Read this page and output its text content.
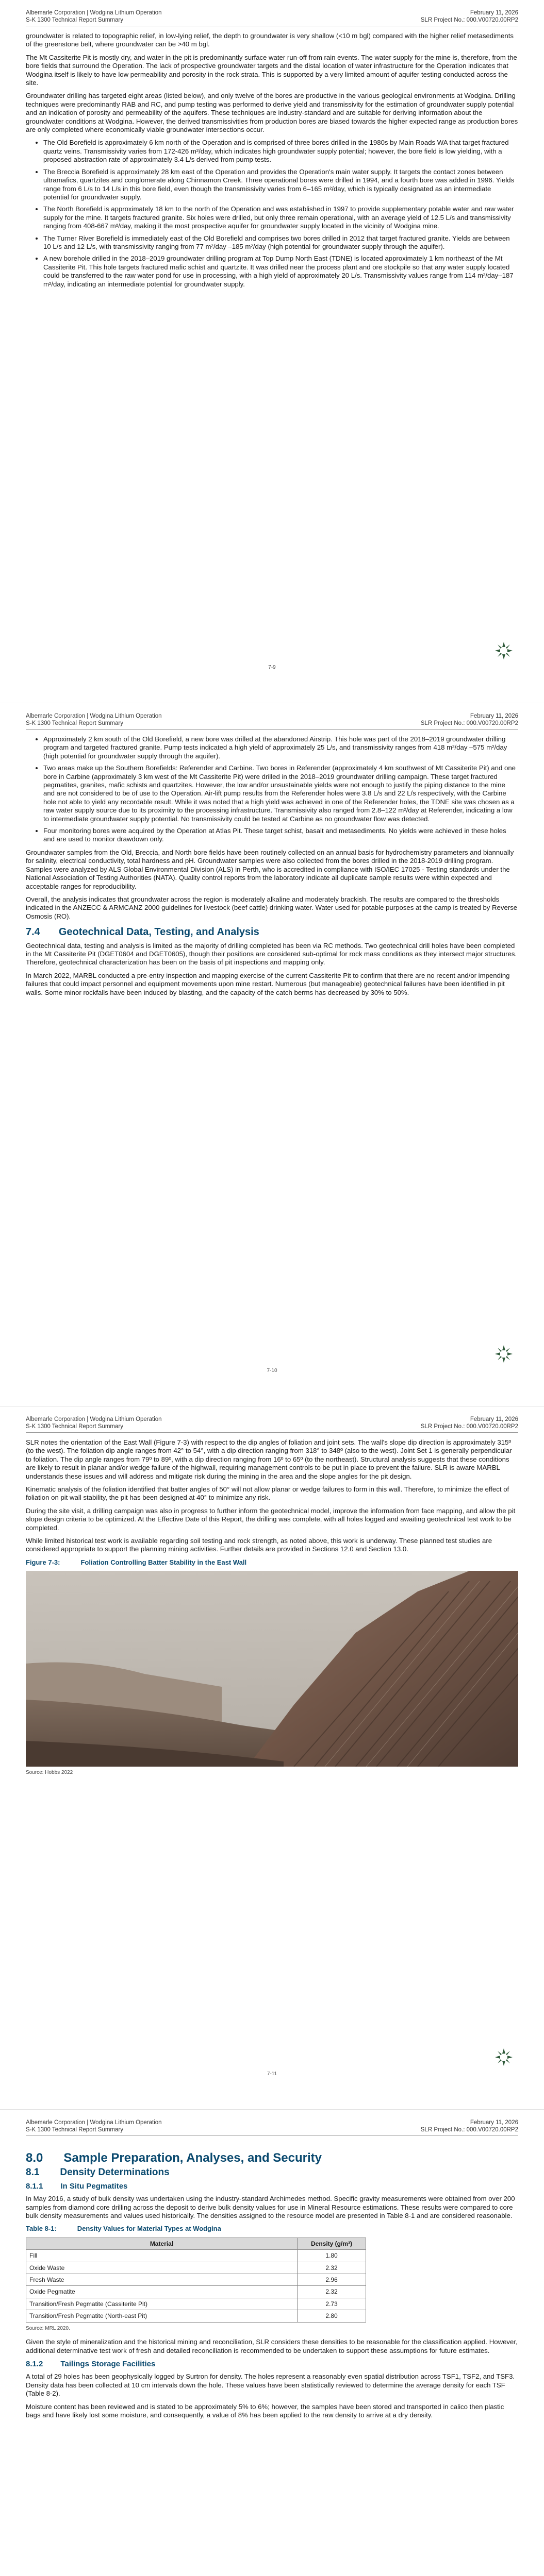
Albemarle Corporation | Wodgina Lithium Operation	February 11, 2026
S-K 1300 Technical Report Summary	SLR Project No.: 000.V00720.00RP2

groundwater is related to topographic relief, in low-lying relief, the depth to groundwater is very shallow (<10 m bgl) compared with the higher relief metasediments of the greenstone belt, where groundwater can be >40 m bgl.

The Mt Cassiterite Pit is mostly dry, and water in the pit is predominantly surface water run-off from rain events. The water supply for the mine is, therefore, from the bore fields that surround the Operation. The lack of prospective groundwater targets and the distal location of water infrastructure for the Operation indicates that Wodgina itself is likely to have low permeability and porosity in the rock strata. This is supported by a very limited amount of aquifer testing conducted across the site.

Groundwater drilling has targeted eight areas (listed below), and only twelve of the bores are productive in the various geological environments at Wodgina. Drilling techniques were predominantly RAB and RC, and pump testing was performed to derive yield and transmissivity for the estimation of groundwater supply potential and an indication of porosity and permeability of the aquifers. These techniques are industry-standard and are suitable for deriving information about the groundwater conditions at Wodgina. However, the derived transmissivities from production bores are biased towards the higher expected range as production bores are only completed where economically viable groundwater intersections occur.

• The Old Borefield is approximately 6 km north of the Operation and is comprised of three bores drilled in the 1980s by Main Roads WA that target fractured quartz veins. Transmissivity varies from 172-426 m²/day, which indicates high groundwater supply potential; however, the bore field is low yielding, with a proposed abstraction rate of approximately 3.4 L/s derived from pump tests.
• The Breccia Borefield is approximately 28 km east of the Operation and provides the Operation's main water supply. It targets the contact zones between ultramafics, quartzites and conglomerate along Chinnamon Creek. Three operational bores were drilled in 1994, and a fourth bore was added in 1996. Yields range from 6 L/s to 14 L/s in this bore field, even though the transmissivity varies from 6–165 m²/day, which is typically designated as an intermediate potential for groundwater supply.
• The North Borefield is approximately 18 km to the north of the Operation and was established in 1997 to provide supplementary potable water and raw water supply for the mine. It targets fractured granite. Six holes were drilled, but only three remain operational, with an average yield of 12.5 L/s and transmissivity ranging from 408-667 m²/day, making it the most prospective aquifer for groundwater supply located in the vicinity of Wodgina mine.
• The Turner River Borefield is immediately east of the Old Borefield and comprises two bores drilled in 2012 that target fractured granite. Yields are between 10 L/s and 12 L/s, with transmissivity ranging from 77 m²/day –185 m²/day (high potential for groundwater supply through the aquifer).
• A new borehole drilled in the 2018–2019 groundwater drilling program at Top Dump North East (TDNE) is located approximately 1 km northeast of the Mt Cassiterite Pit. This hole targets fractured mafic schist and quartzite. It was drilled near the process plant and ore stockpile so that any water supply located could be transferred to the raw water pond for use in processing, with a high yield of approximately 20 L/s. Transmissivity values range from 114 m²/day–187 m²/day, indicating an intermediate potential for groundwater supply.
7-9
Albemarle Corporation | Wodgina Lithium Operation	February 11, 2026
S-K 1300 Technical Report Summary	SLR Project No.: 000.V00720.00RP2
• Approximately 2 km south of the Old Borefield, a new bore was drilled at the abandoned Airstrip. This hole was part of the 2018–2019 groundwater drilling program and targeted fractured granite. Pump tests indicated a high yield of approximately 25 L/s, and transmissivity ranges from 418 m²/day –575 m²/day (high potential for groundwater supply through the aquifer).
• Two areas make up the Southern Borefields: Referender and Carbine. Two bores in Referender (approximately 4 km southwest of Mt Cassiterite Pit) and one bore in Carbine (approximately 3 km west of the Mt Cassiterite Pit) were drilled in the 2018–2019 groundwater drilling campaign. These target fractured pegmatites, granites, mafic schists and quartzites. However, the low and/or unsustainable yields were not enough to justify the piping distance to the mine and are not considered to be of use to the Operation. Air-lift pump results from the Referender holes were 3.8 L/s and 22 L/s respectively, with the Carbine hole not able to yield any recordable result. While it was noted that a high yield was achieved in one of the Referender holes, the TDNE site was chosen as a raw water supply source due to its proximity to the processing infrastructure. Transmissivity also ranged from 2.8–122 m²/day at Referender, indicating a low to intermediate groundwater supply potential. No transmissivity could be tested at Carbine as no groundwater flow was detected.
• Four monitoring bores were acquired by the Operation at Atlas Pit. These target schist, basalt and metasediments. No yields were achieved in these holes and are used to monitor drawdown only.

Groundwater samples from the Old, Breccia, and North bore fields have been routinely collected on an annual basis for hydrochemistry parameters and biannually for salinity, electrical conductivity, total hardness and pH. Groundwater samples were also collected from the bores drilled in the 2018-2019 drilling program. Samples were analyzed by ALS Global Environmental Division (ALS) in Perth, who is accredited in compliance with ISO/IEC 17025 - Testing standards under the National Association of Testing Authorities (NATA). Quality control reports from the laboratory indicate all duplicate sample results were within expected and acceptable ranges for reproducibility.

Overall, the analysis indicates that groundwater across the region is moderately alkaline and moderately brackish. The results are compared to the thresholds indicated in the ANZECC & ARMCANZ 2000 guidelines for livestock (beef cattle) drinking water. Water used for potable purposes at the camp is treated by Reverse Osmosis (RO).

7.4 Geotechnical Data, Testing, and Analysis

Geotechnical data, testing and analysis is limited as the majority of drilling completed has been via RC methods. Two geotechnical drill holes have been completed in the Mt Cassiterite Pit (DGET0604 and DGET0605), though their positions are considered sub-optimal for rock mass conditions as they intersect major structures. Therefore, geotechnical characterization has been on the basis of pit inspections and mapping only.

In March 2022, MARBL conducted a pre-entry inspection and mapping exercise of the current Cassiterite Pit to confirm that there are no recent and/or impending failures that could impact personnel and equipment movements upon mine restart. Numerous (but manageable) geotechnical failures have been identified in pit walls. Some minor rockfalls have been induced by blasting, and the capacity of the catch berms has decreased by 30% to 50%.

7-10
Albemarle Corporation | Wodgina Lithium Operation	February 11, 2026
S-K 1300 Technical Report Summary	SLR Project No.: 000.V00720.00RP2

SLR notes the orientation of the East Wall (Figure 7-3) with respect to the dip angles of foliation and joint sets. The wall's slope dip direction is approximately 315º (to the west). The foliation dip angle ranges from 42° to 54°, with a dip direction ranging from 318° to 348º (also to the west). Joint Set 1 is generally perpendicular to foliation. The dip angle ranges from 79º to 89º, with a dip direction ranging from 16º to 65º (to the northeast). Structural analysis suggests that these conditions are likely to result in planar and/or wedge failure of the highwall, requiring management controls to be put in place to prevent the failure. SLR is aware MARBL understands these issues and will address and mitigate risk during the mining in the area and the slope angles for the pit design.

Kinematic analysis of the foliation identified that batter angles of 50° will not allow planar or wedge failures to form in this wall. Therefore, to minimize the effect of foliation on pit wall stability, the pit has been designed at 40° to minimize any risk.

During the site visit, a drilling campaign was also in progress to further inform the geotechnical model, improve the information from face mapping, and allow the pit slope design criteria to be optimized. At the Effective Date of this Report, the drilling was complete, with all holes logged and awaiting geotechnical test work to be completed.

While limited historical test work is available regarding soil testing and rock strength, as noted above, this work is underway. These planned test studies are considered appropriate to support the planning mining activities. Further details are provided in Sections 12.0 and Section 13.0.

Figure 7-3:	Foliation Controlling Batter Stability in the East Wall
Source: Hobbs 2022
7-11
Albemarle Corporation | Wodgina Lithium Operation	February 11, 2026
S-K 1300 Technical Report Summary	SLR Project No.: 000.V00720.00RP2
8.0 Sample Preparation, Analyses, and Security
8.1 Density Determinations
8.1.1 In Situ Pegmatites

In May 2016, a study of bulk density was undertaken using the industry-standard Archimedes method. Specific gravity measurements were obtained from over 200 samples from diamond core drilling across the deposit to derive bulk density values for use in Mineral Resource estimations. These results were compared to core bulk density measurements and values used historically. The densities assigned to the resource model are presented in Table 8-1 and are considered reasonable.

Table 8-1:	Density Values for Material Types at Wodgina
Material	Density (g/m³)
Fill	1.80
Oxide Waste	2.32
Fresh Waste	2.96
Oxide Pegmatite	2.32
Transition/Fresh Pegmatite (Cassiterite Pit)	2.73
Transition/Fresh Pegmatite (North-east Pit)	2.80
Source: MRL 2020.

Given the style of mineralization and the historical mining and reconciliation, SLR considers these densities to be reasonable for the classification applied. However, additional determinative test work of fresh and detailed reconciliation is recommended to be undertaken to support these assumptions for future estimates.

8.1.2 Tailings Storage Facilities

A total of 29 holes has been geophysically logged by Surtron for density. The holes represent a reasonably even spatial distribution across TSF1, TSF2, and TSF3. Density data has been collected at 10 cm intervals down the hole. These values have been statistically reviewed to determine the average density for each TSF (Table 8-2).

Moisture content has been reviewed and is stated to be approximately 5% to 6%; however, the samples have been stored and transported in calico then plastic bags and have likely lost some moisture, and consequently, a value of 8% has been applied to the raw density to arrive at a dry density.
